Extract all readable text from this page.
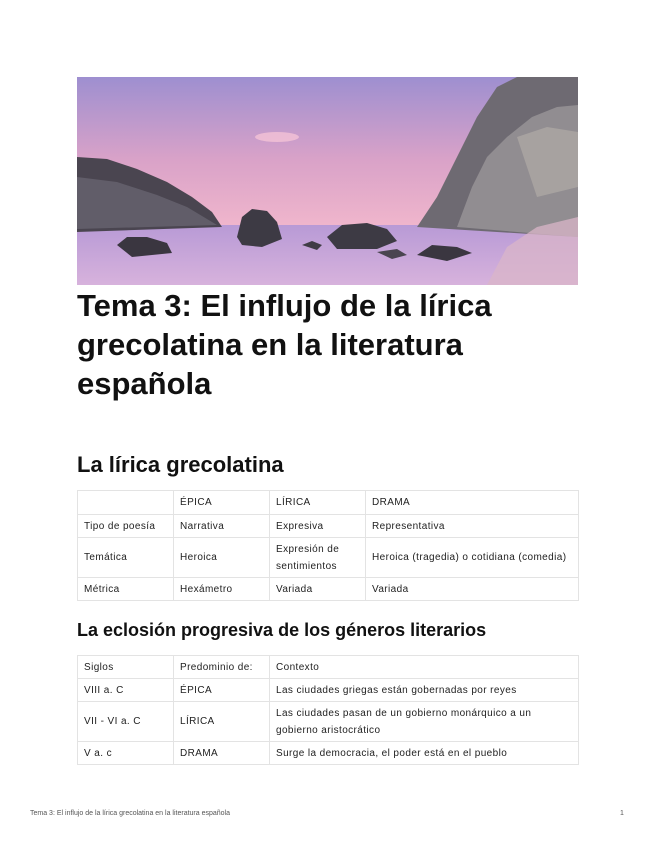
Tema 3: El influjo de la lírica grecolatina en la literatura española
La lírica grecolatina
	ÉPICA	LÍRICA	DRAMA
Tipo de poesía	Narrativa	Expresiva	Representativa
Temática	Heroica	Expresión de sentimientos	Heroica (tragedia) o cotidiana (comedia)
Métrica	Hexámetro	Variada	Variada
La eclosión progresiva de los géneros literarios
Siglos	Predominio de:	Contexto
VIII a. C	ÉPICA	Las ciudades griegas están gobernadas por reyes
VII - VI a. C	LÍRICA	Las ciudades pasan de un gobierno monárquico a un gobierno aristocrático
V a. c	DRAMA	Surge la democracia, el poder está en el pueblo
Tema 3: El influjo de la lírica grecolatina en la literatura española	1
